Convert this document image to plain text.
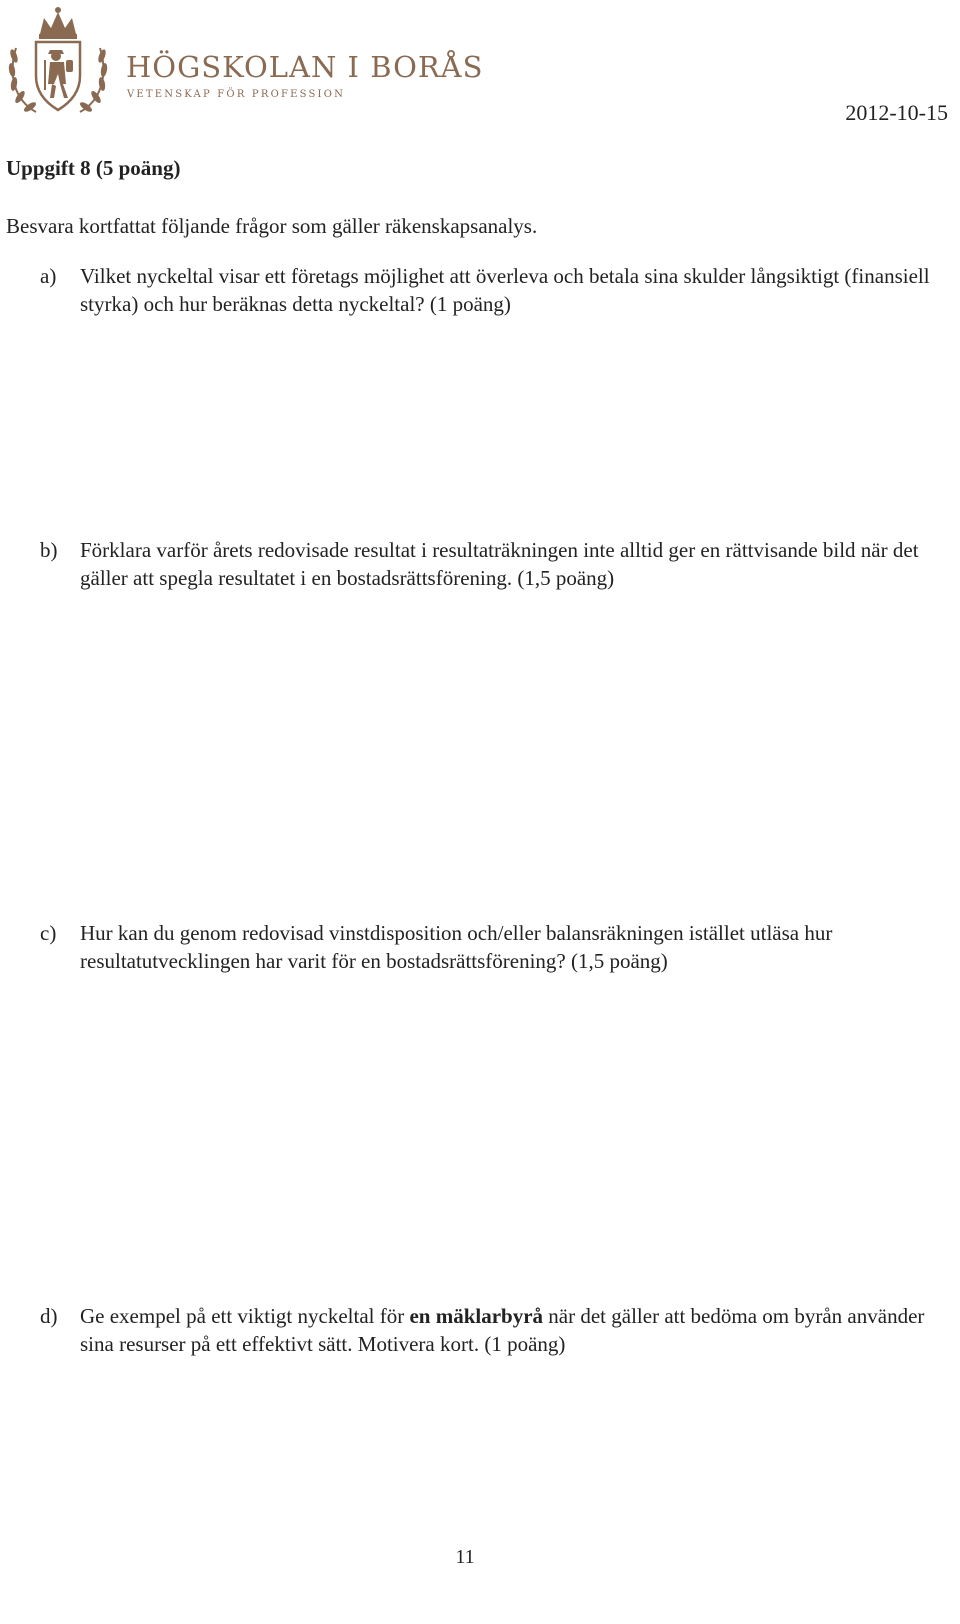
HÖGSKOLAN I BORÅS
VETENSKAP FÖR PROFESSION
2012-10-15
Uppgift 8 (5 poäng)
Besvara kortfattat följande frågor som gäller räkenskapsanalys.
a) Vilket nyckeltal visar ett företags möjlighet att överleva och betala sina skulder långsiktigt (finansiell styrka) och hur beräknas detta nyckeltal? (1 poäng)
b) Förklara varför årets redovisade resultat i resultaträkningen inte alltid ger en rättvisande bild när det gäller att spegla resultatet i en bostadsrättsförening. (1,5 poäng)
c) Hur kan du genom redovisad vinstdisposition och/eller balansräkningen istället utläsa hur resultatutvecklingen har varit för en bostadsrättsförening? (1,5 poäng)
d) Ge exempel på ett viktigt nyckeltal för en mäklarbyrå när det gäller att bedöma om byrån använder sina resurser på ett effektivt sätt. Motivera kort. (1 poäng)
11
